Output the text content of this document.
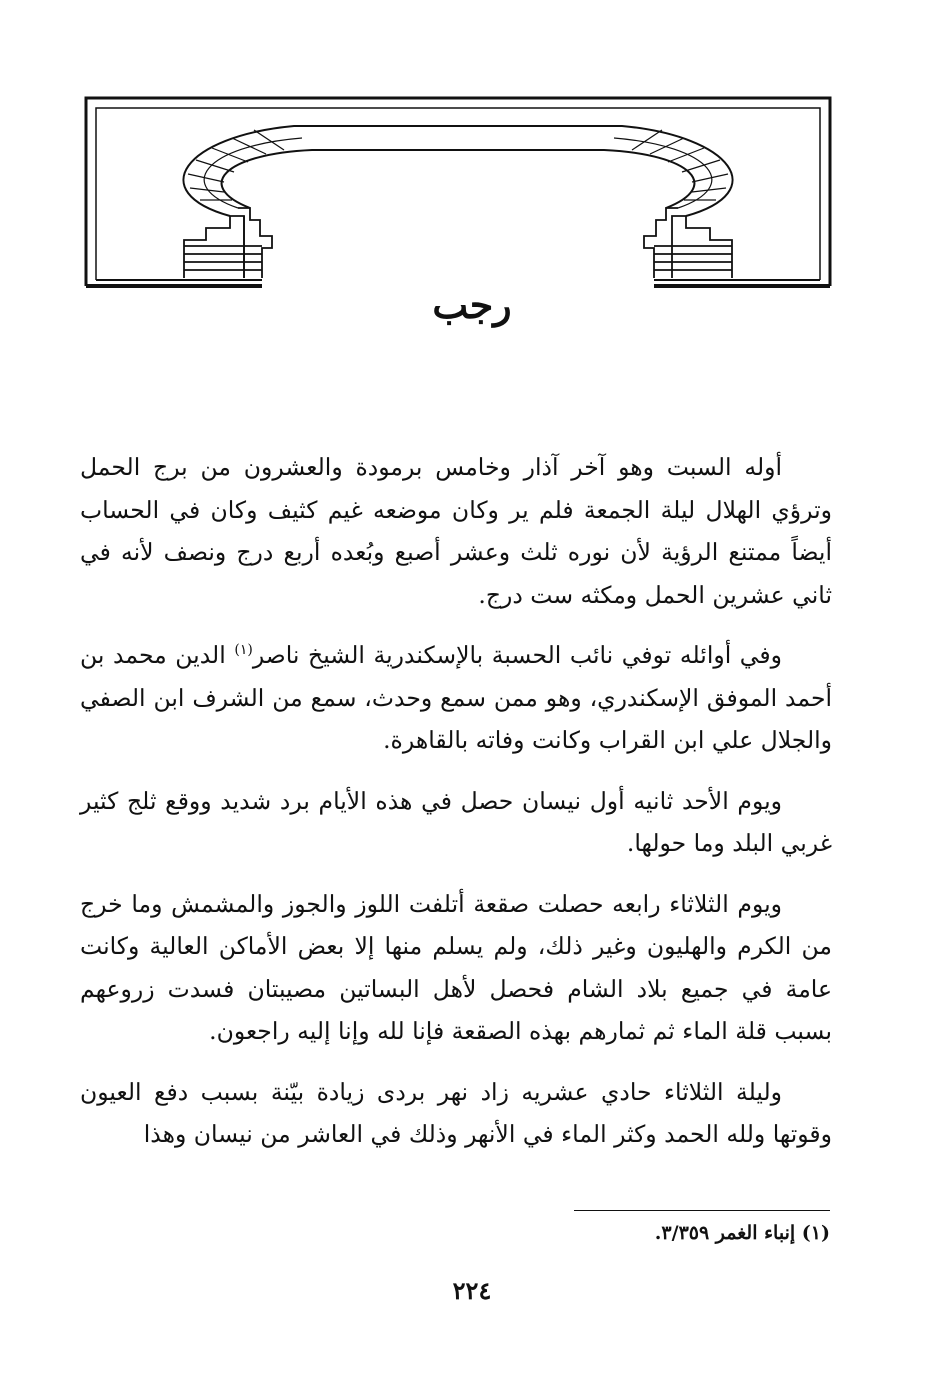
رجب

أوله السبت وهو آخر آذار وخامس برمودة والعشرون من برج الحمل وترؤي الهلال ليلة الجمعة فلم ير وكان موضعه غيم كثيف وكان في الحساب أيضاً ممتنع الرؤية لأن نوره ثلث وعشر أصبع وبُعده أربع درج ونصف لأنه في ثاني عشرين الحمل ومكثه ست درج.

وفي أوائله توفي نائب الحسبة بالإسكندرية الشيخ ناصر$^{(١)}$ الدين محمد بن أحمد الموفق الإسكندري، وهو ممن سمع وحدث، سمع من الشرف ابن الصفي والجلال علي ابن القراب وكانت وفاته بالقاهرة.

ويوم الأحد ثانيه أول نيسان حصل في هذه الأيام برد شديد ووقع ثلج كثير غربي البلد وما حولها.

ويوم الثلاثاء رابعه حصلت صقعة أتلفت اللوز والجوز والمشمش وما خرج من الكرم والهليون وغير ذلك، ولم يسلم منها إلا بعض الأماكن العالية وكانت عامة في جميع بلاد الشام فحصل لأهل البساتين مصيبتان فسدت زروعهم بسبب قلة الماء ثم ثمارهم بهذه الصقعة فإنا لله وإنا إليه راجعون.

وليلة الثلاثاء حادي عشريه زاد نهر بردى زيادة بيّنة بسبب دفع العيون وقوتها ولله الحمد وكثر الماء في الأنهر وذلك في العاشر من نيسان وهذا

(١) إنباء الغمر ٣/٣٥٩.
٢٢٤
